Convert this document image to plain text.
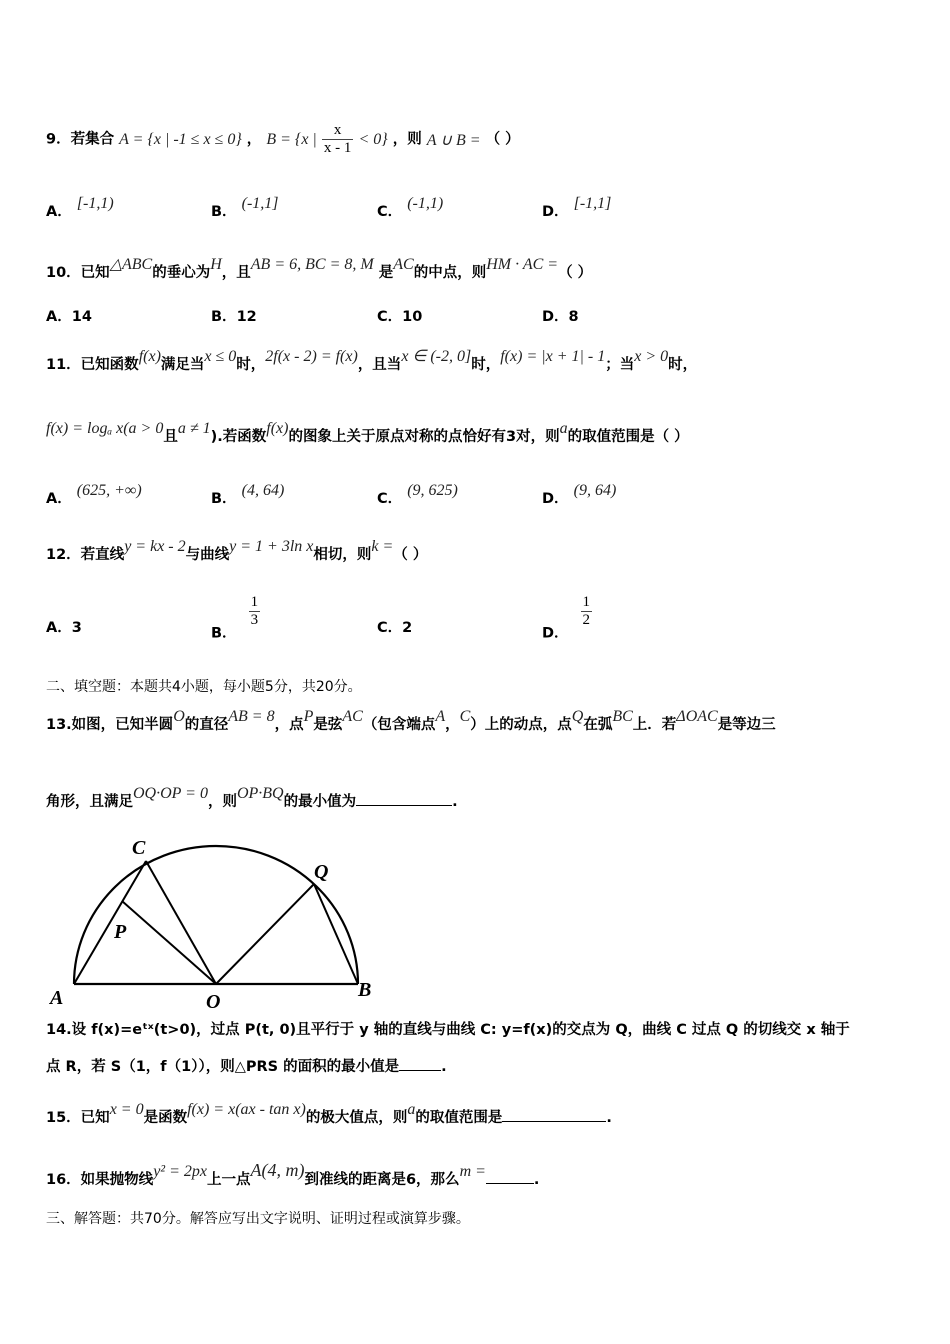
9．若集合 A = {x | -1 ≤ x ≤ 0} ， B = {x | $\frac{x}{x - 1} < 0$} ，则 A ∪ B = （ ）
A． [-1,1)	B． (-1,1]	C． (-1,1)	D． [-1,1]
10．已知△ABC的垂心为H，且AB = 6, BC = 8, M 是AC的中点，则HM · AC =（ ）
A．14	B．12	C．10	D．8
11．已知函数f(x)满足当x ≤ 0时，2f(x - 2) = f(x)，且当x ∈ (-2, 0]时，f(x) = |x + 1| - 1；当x > 0时，
f(x) = logₐ x(a > 0且a ≠ 1).若函数f(x)的图象上关于原点对称的点恰好有3对，则a的取值范围是（ ）
A． (625, +∞)	B． (4, 64)	C． (9, 625)	D． (9, 64)
12．若直线y = kx - 2与曲线y = 1 + 3ln x相切，则k =（ ）
A．3	B．
$\frac{1}{3}$	C．2	D．
$\frac{1}{2}$
二、填空题：本题共4小题，每小题5分，共20分。
13.如图，已知半圆O的直径AB = 8，点P是弦AC（包含端点A，C）上的动点，点Q在弧BC上．若ΔOAC是等边三
角形，且满足OQ·OP = 0，则OP·BQ的最小值为	.
C
Q
P
A	O
B
14.设 f(x)=eᵗˣ(t>0)，过点 P(t, 0)且平行于 y 轴的直线与曲线 C: y=f(x)的交点为 Q，曲线 C 过点 Q 的切线交 x 轴于
点 R，若 S（1，f（1）），则△PRS 的面积的最小值是	.
15．已知x = 0是函数f(x) = x(ax - tan x)的极大值点，则a的取值范围是	.
16．如果抛物线y² = 2px上一点A(4, m)到准线的距离是6，那么m =	.
三、解答题：共70分。解答应写出文字说明、证明过程或演算步骤。
